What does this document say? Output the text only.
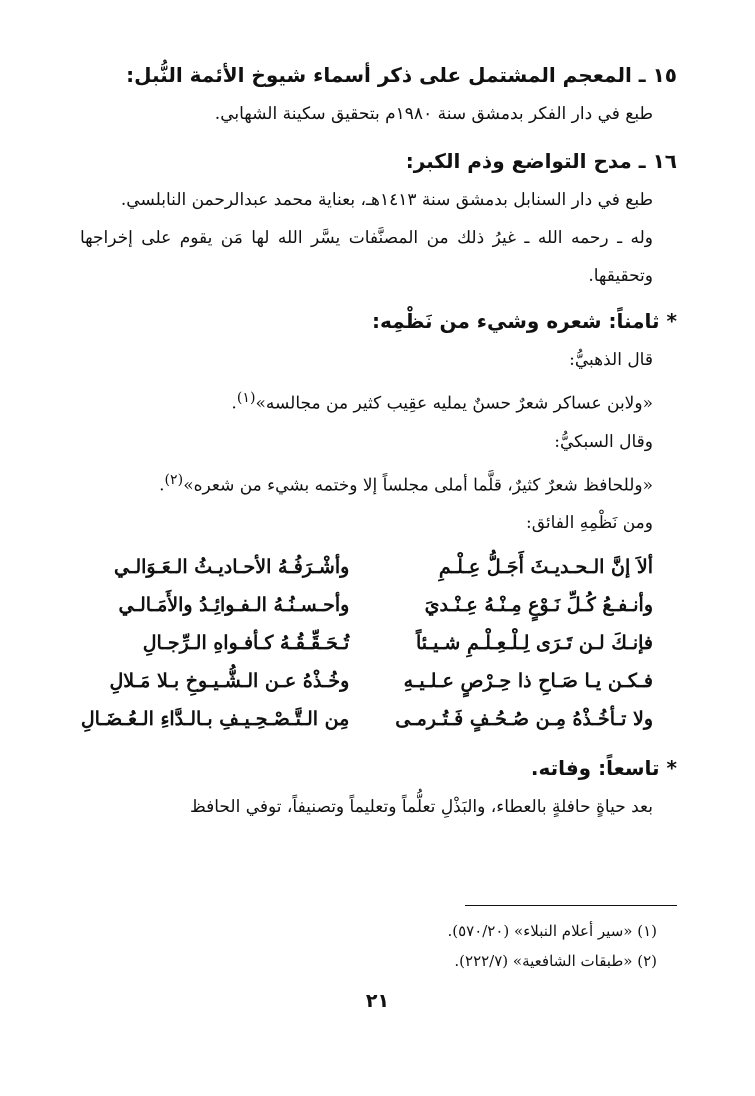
١٥ ـ المعجم المشتمل على ذكر أسماء شيوخ الأئمة النُّبل:

طبع في دار الفكر بدمشق سنة ١٩٨٠م بتحقيق سكينة الشهابي.

١٦ ـ مدح التواضع وذم الكبر:

طبع في دار السنابل بدمشق سنة ١٤١٣هـ، بعناية محمد عبدالرحمن النابلسي.

وله ـ رحمه الله ـ غيرُ ذلك من المصنَّفات يسَّر الله لها مَن يقوم على إخراجها وتحقيقها.

* ثامناً: شعره وشيء من نَظْمِه:

قال الذهبيُّ:

«ولابن عساكر شعرٌ حسنٌ يمليه عقِيب كثير من مجالسه»$^{(١)}$.

وقال السبكيُّ:

«وللحافظ شعرٌ كثيرٌ، قلَّما أملى مجلساً إلا وختمه بشيء من شعره»$^{(٢)}$.

ومن نَظْمِهِ الفائق:

ألاَ إنَّ الـحـديـثَ أَجَـلُّ عِـلْـمِ
وأشْـرَفُـهُ الأحـاديـثُ الـعَـوَالـي
وأنـفـعُ كُـلِّ نَـوْعٍ مِـنْـهُ عِـنْـديَ
وأحـسـنُـهُ الـفـوائِـدُ والأَمَـالـي
فإنـكَ لـن تَـرَى لِـلْـعِـلْـمِ شـيـئاً
تُـحَـقِّـقُـهُ كـأفـواهِ الـرِّجـالِ
فـكـن يـا صَـاحِ ذا حِـرْصٍ عـلـيـهِ
وخُـذْهُ عـن الـشُّـيـوخِ بـلا مَـلالِ
ولا تـأخُـذْهُ مِـن صُـحُـفٍ فَـتُـرمـى
مِن الـتَّـصْـحِـيـفِ بـالـدَّاءِ الـعُـضَـالِ

* تاسعاً: وفاته.

بعد حياةٍ حافلةٍ بالعطاء، والبَذْلِ تعلُّماً وتعليماً وتصنيفاً، توفي الحافظ

(١) «سير أعلام النبلاء» (٥٧٠/٢٠).

(٢) «طبقات الشافعية» (٢٢٢/٧).

٢١
